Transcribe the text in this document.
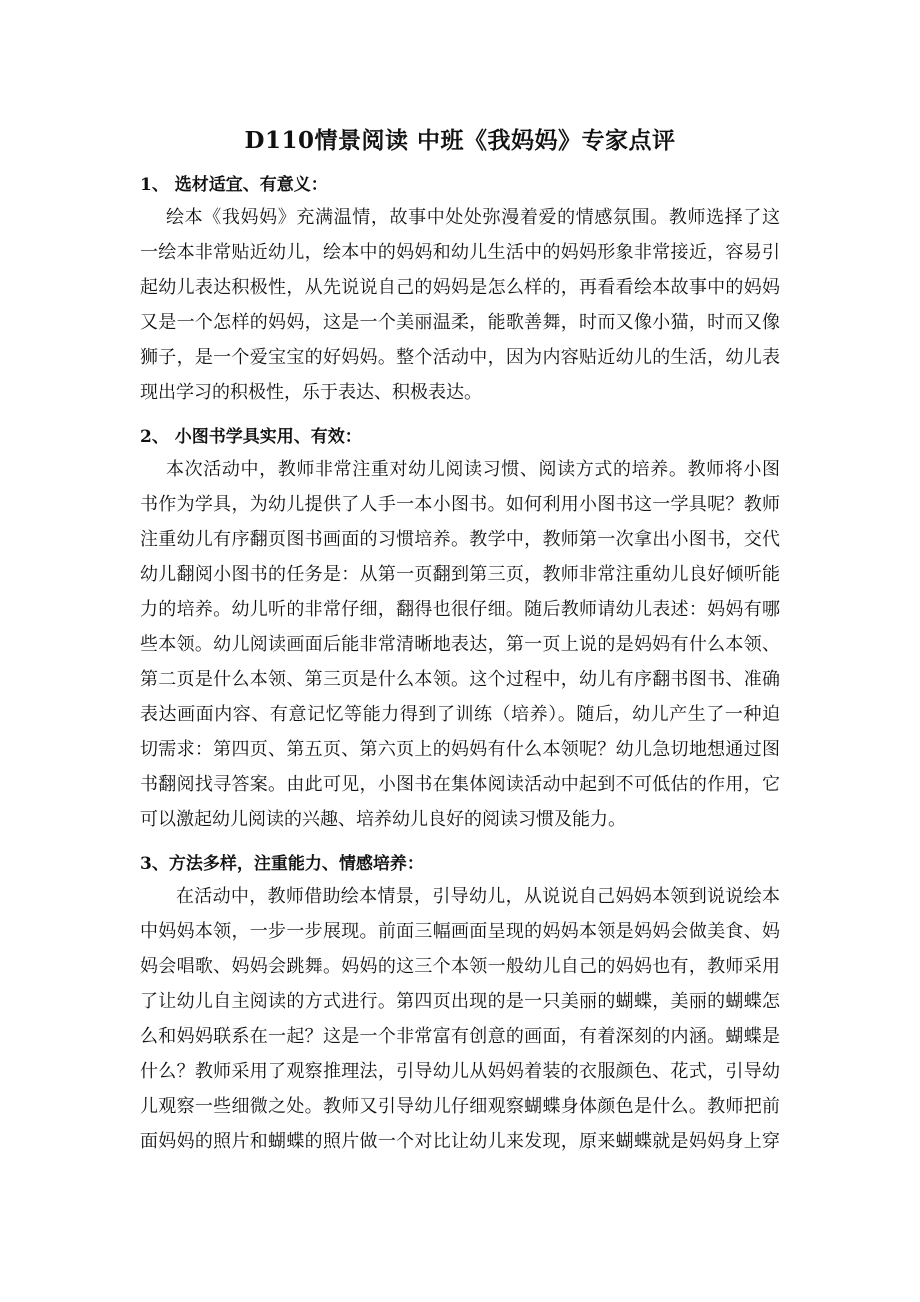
D110情景阅读 中班《我妈妈》专家点评
1、 选材适宜、有意义：
绘本《我妈妈》充满温情，故事中处处弥漫着爱的情感氛围。教师选择了这
一绘本非常贴近幼儿，绘本中的妈妈和幼儿生活中的妈妈形象非常接近，容易引
起幼儿表达积极性，从先说说自己的妈妈是怎么样的，再看看绘本故事中的妈妈
又是一个怎样的妈妈，这是一个美丽温柔，能歌善舞，时而又像小猫，时而又像
狮子，是一个爱宝宝的好妈妈。整个活动中，因为内容贴近幼儿的生活，幼儿表
现出学习的积极性，乐于表达、积极表达。
2、 小图书学具实用、有效：
本次活动中，教师非常注重对幼儿阅读习惯、阅读方式的培养。教师将小图
书作为学具，为幼儿提供了人手一本小图书。如何利用小图书这一学具呢？教师
注重幼儿有序翻页图书画面的习惯培养。教学中，教师第一次拿出小图书，交代
幼儿翻阅小图书的任务是：从第一页翻到第三页，教师非常注重幼儿良好倾听能
力的培养。幼儿听的非常仔细，翻得也很仔细。随后教师请幼儿表述：妈妈有哪
些本领。幼儿阅读画面后能非常清晰地表达，第一页上说的是妈妈有什么本领、
第二页是什么本领、第三页是什么本领。这个过程中，幼儿有序翻书图书、准确
表达画面内容、有意记忆等能力得到了训练（培养）。随后，幼儿产生了一种迫
切需求：第四页、第五页、第六页上的妈妈有什么本领呢？幼儿急切地想通过图
书翻阅找寻答案。由此可见，小图书在集体阅读活动中起到不可低估的作用，它
可以激起幼儿阅读的兴趣、培养幼儿良好的阅读习惯及能力。
3、方法多样，注重能力、情感培养：
在活动中，教师借助绘本情景，引导幼儿，从说说自己妈妈本领到说说绘本
中妈妈本领，一步一步展现。前面三幅画面呈现的妈妈本领是妈妈会做美食、妈
妈会唱歌、妈妈会跳舞。妈妈的这三个本领一般幼儿自己的妈妈也有，教师采用
了让幼儿自主阅读的方式进行。第四页出现的是一只美丽的蝴蝶，美丽的蝴蝶怎
么和妈妈联系在一起？这是一个非常富有创意的画面，有着深刻的内涵。蝴蝶是
什么？教师采用了观察推理法，引导幼儿从妈妈着装的衣服颜色、花式，引导幼
儿观察一些细微之处。教师又引导幼儿仔细观察蝴蝶身体颜色是什么。教师把前
面妈妈的照片和蝴蝶的照片做一个对比让幼儿来发现，原来蝴蝶就是妈妈身上穿
